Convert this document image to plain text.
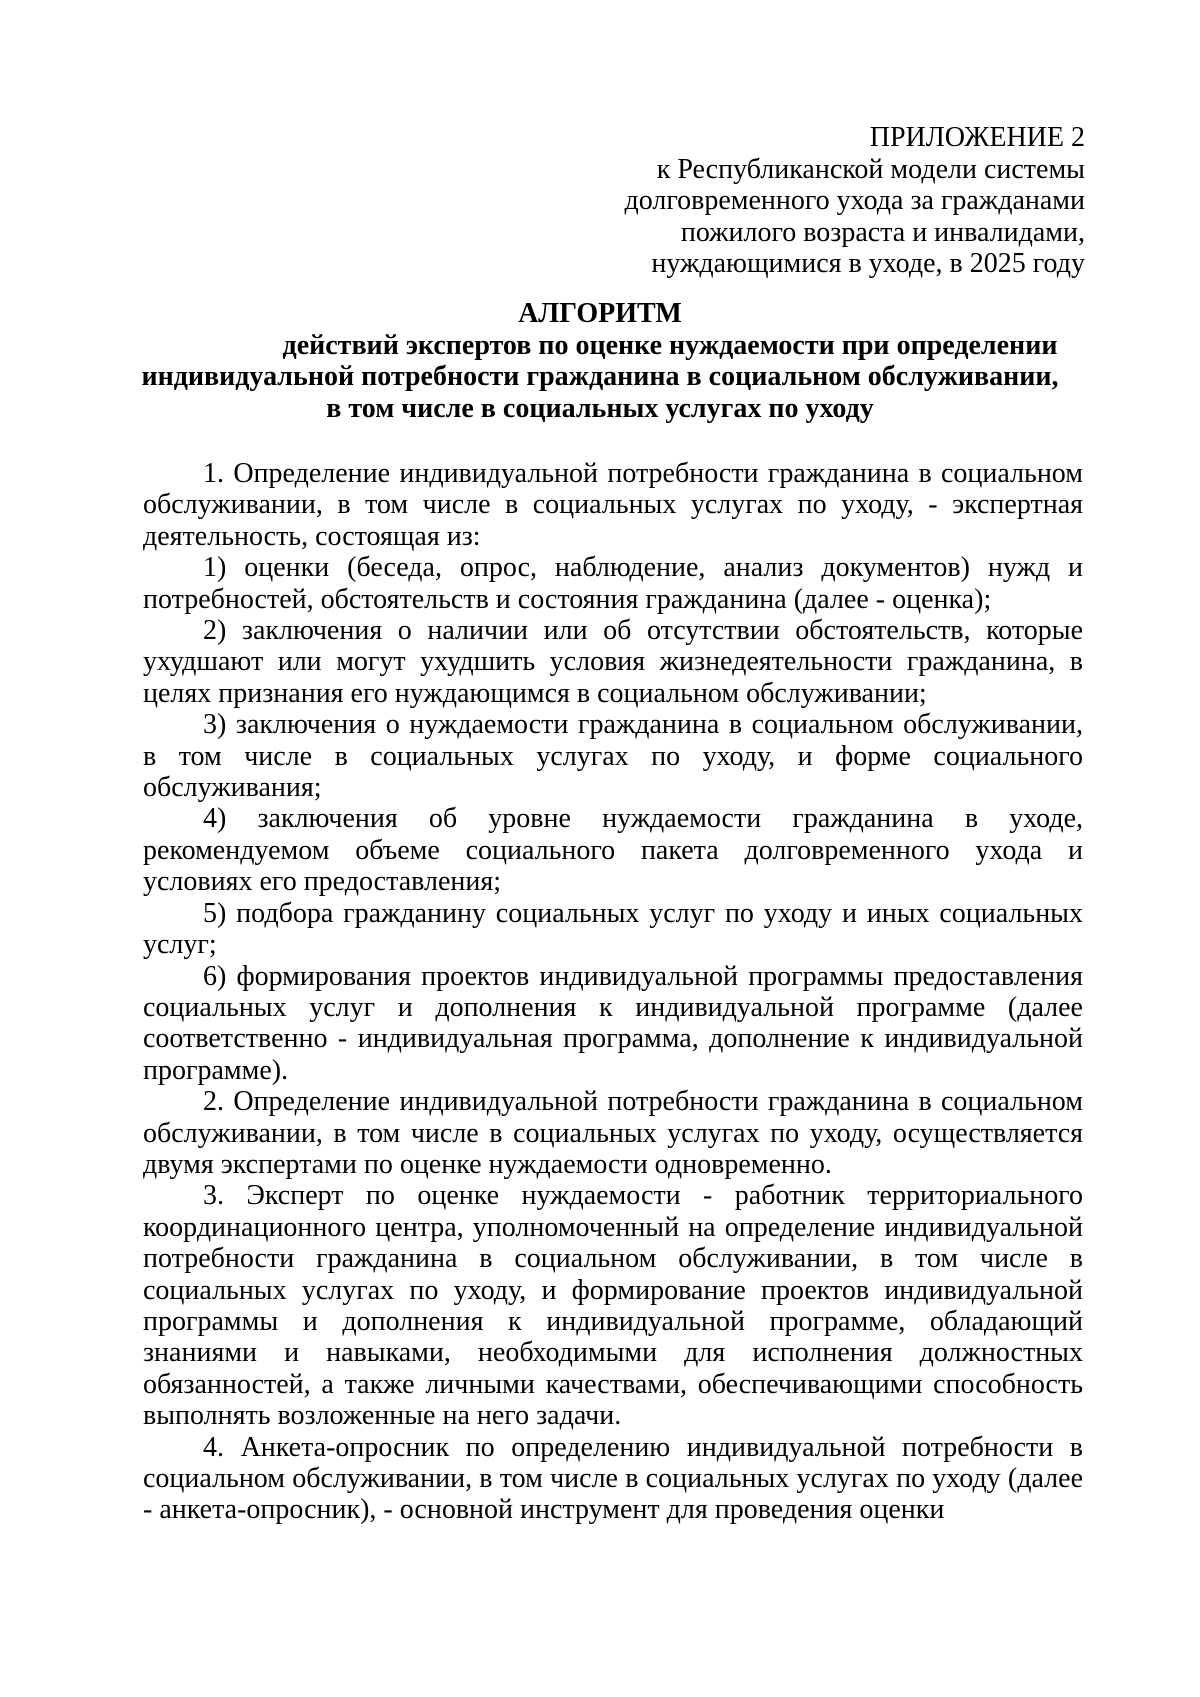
ПРИЛОЖЕНИЕ 2
к Республиканской модели системы
долговременного ухода за гражданами
пожилого возраста и инвалидами,
нуждающимися в уходе, в 2025 году
АЛГОРИТМ
действий экспертов по оценке нуждаемости при определении
индивидуальной потребности гражданина в социальном обслуживании,
в том числе в социальных услугах по уходу

1. Определение индивидуальной потребности гражданина в социальном обслуживании, в том числе в социальных услугах по уходу, - экспертная деятельность, состоящая из:

1) оценки (беседа, опрос, наблюдение, анализ документов) нужд и потребностей, обстоятельств и состояния гражданина (далее - оценка);

2) заключения о наличии или об отсутствии обстоятельств, которые ухудшают или могут ухудшить условия жизнедеятельности гражданина, в целях признания его нуждающимся в социальном обслуживании;

3) заключения о нуждаемости гражданина в социальном обслуживании, в том числе в социальных услугах по уходу, и форме социального обслуживания;

4) заключения об уровне нуждаемости гражданина в уходе, рекомендуемом объеме социального пакета долговременного ухода и условиях его предоставления;

5) подбора гражданину социальных услуг по уходу и иных социальных услуг;

6) формирования проектов индивидуальной программы предоставления социальных услуг и дополнения к индивидуальной программе (далее соответственно - индивидуальная программа, дополнение к индивидуальной программе).

2. Определение индивидуальной потребности гражданина в социальном обслуживании, в том числе в социальных услугах по уходу, осуществляется двумя экспертами по оценке нуждаемости одновременно.

3. Эксперт по оценке нуждаемости - работник территориального координационного центра, уполномоченный на определение индивидуальной потребности гражданина в социальном обслуживании, в том числе в социальных услугах по уходу, и формирование проектов индивидуальной программы и дополнения к индивидуальной программе, обладающий знаниями и навыками, необходимыми для исполнения должностных обязанностей, а также личными качествами, обеспечивающими способность выполнять возложенные на него задачи.

4. Анкета-опросник по определению индивидуальной потребности в социальном обслуживании, в том числе в социальных услугах по уходу (далее - анкета-опросник), - основной инструмент для проведения оценки
